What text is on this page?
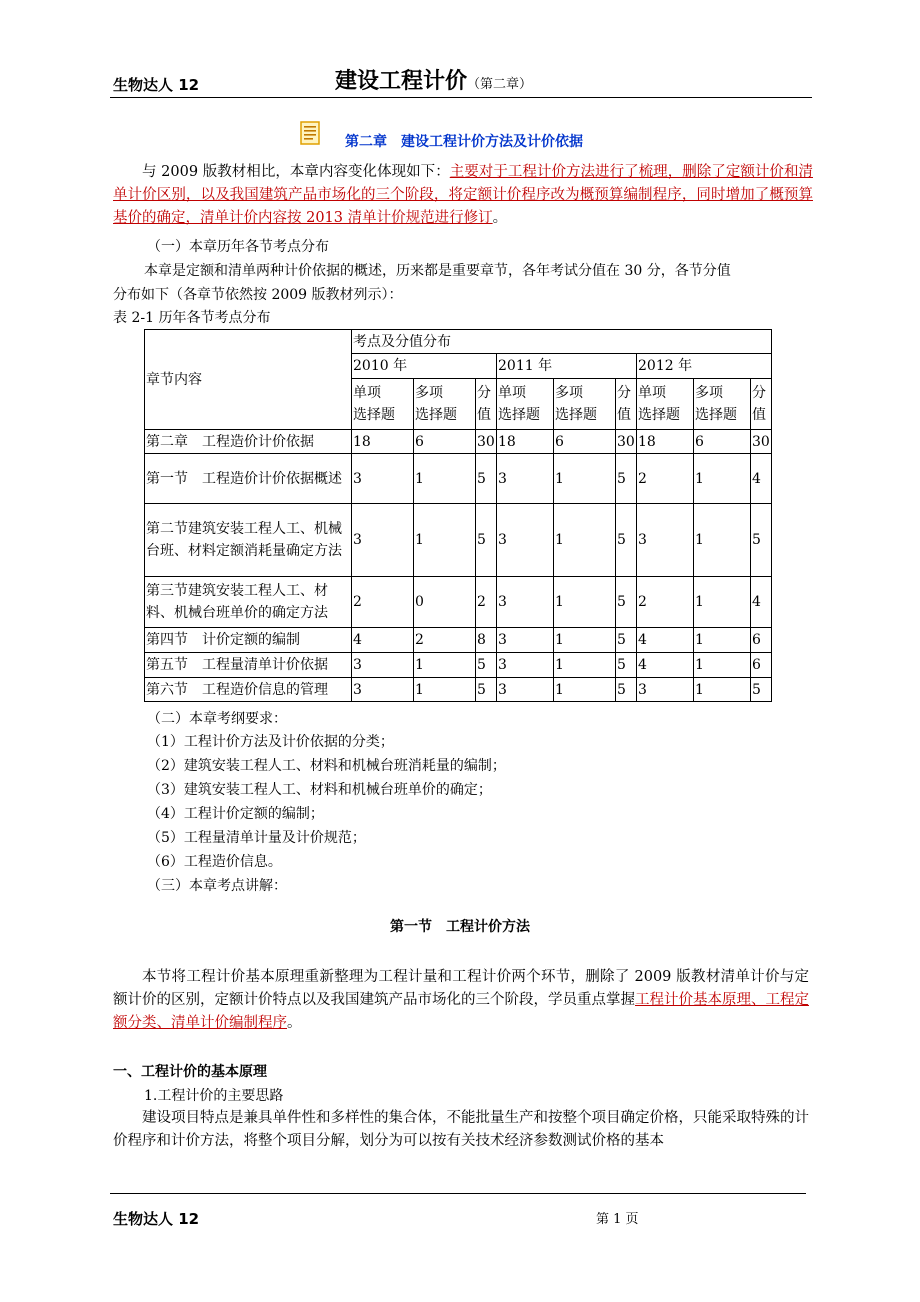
生物达人 12	建设工程计价（第二章）
第二章　建设工程计价方法及计价依据
与 2009 版教材相比，本章内容变化体现如下：主要对于工程计价方法进行了梳理，删除了定额计价和清单计价区别，以及我国建筑产品市场化的三个阶段，将定额计价程序改为概预算编制程序，同时增加了概预算基价的确定，清单计价内容按 2013 清单计价规范进行修订。
（一）本章历年各节考点分布
本章是定额和清单两种计价依据的概述，历来都是重要章节，各年考试分值在 30 分，各节分值
分布如下（各章节依然按 2009 版教材列示）：
表 2-1 历年各节考点分布
章节内容	考点及分值分布								
	2010 年			2011 年			2012 年		
	单项
选择题	多项
选择题	分
值	单项
选择题	多项
选择题	分
值	单项
选择题	多项
选择题	分
值
第二章　工程造价计价依据	18	6	30	18	6	30	18	6	30
第一节　工程造价计价依据概述	3	1	5	3	1	5	2	1	4
第二节建筑安装工程人工、机械台班、材料定额消耗量确定方法	3	1	5	3	1	5	3	1	5
第三节建筑安装工程人工、材料、机械台班单价的确定方法	2	0	2	3	1	5	2	1	4
第四节　计价定额的编制	4	2	8	3	1	5	4	1	6
第五节　工程量清单计价依据	3	1	5	3	1	5	4	1	6
第六节　工程造价信息的管理	3	1	5	3	1	5	3	1	5
（二）本章考纲要求：
（1）工程计价方法及计价依据的分类；
（2）建筑安装工程人工、材料和机械台班消耗量的编制；
（3）建筑安装工程人工、材料和机械台班单价的确定；
（4）工程计价定额的编制；
（5）工程量清单计量及计价规范；
（6）工程造价信息。
（三）本章考点讲解：
第一节　工程计价方法
本节将工程计价基本原理重新整理为工程计量和工程计价两个环节，删除了 2009 版教材清单计价与定额计价的区别，定额计价特点以及我国建筑产品市场化的三个阶段，学员重点掌握工程计价基本原理、工程定额分类、清单计价编制程序。
一、工程计价的基本原理
1.工程计价的主要思路
建设项目特点是兼具单件性和多样性的集合体，不能批量生产和按整个项目确定价格，只能采取特殊的计价程序和计价方法，将整个项目分解，划分为可以按有关技术经济参数测试价格的基本
生物达人 12	第 1 页
